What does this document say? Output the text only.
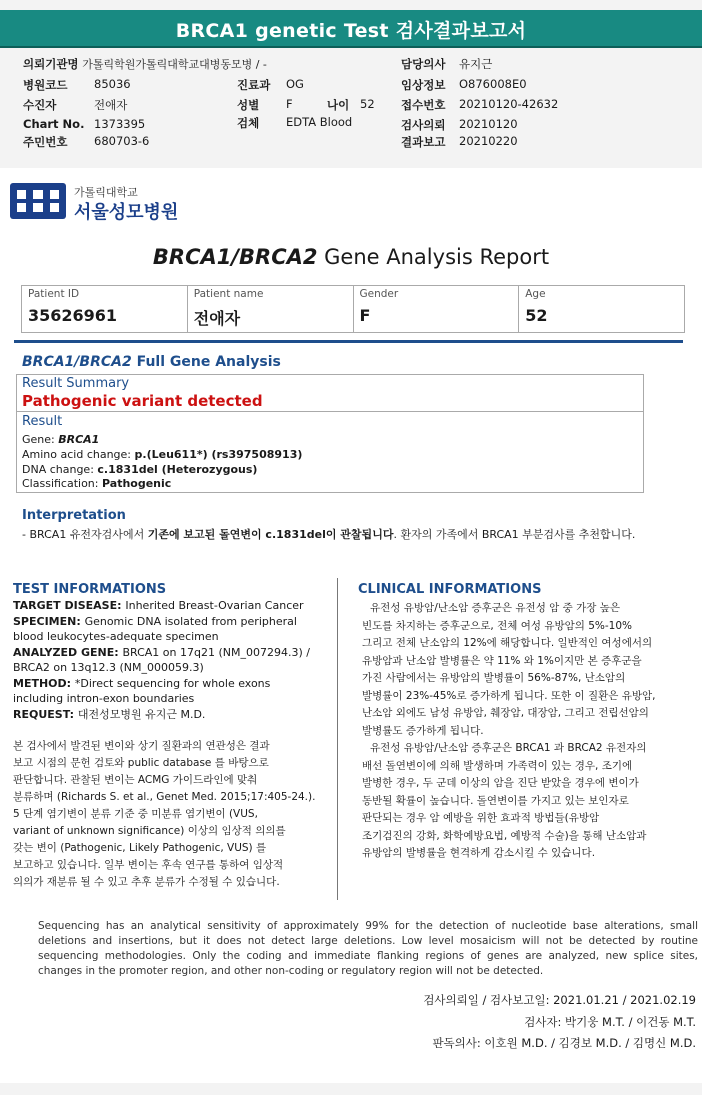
BRCA1 genetic Test 검사결과보고서
의뢰기관명 가톨릭학원가톨릭대학교대병동모병 / -
병원코드 85036
수진자	전애자
Chart No. 1373395
주민번호 680703-6
진료과 OG
성별 F	나이 52
검체 EDTA Blood
담당의사 유지근
임상정보 O876008E0
접수번호 20210120-42632
검사의뢰 20210120
결과보고 20210220
가톨릭대학교
서울성모병원
BRCA1/BRCA2 Gene Analysis Report
Patient ID
35626961
Patient name
전애자
Gender
F
Age
52
BRCA1/BRCA2 Full Gene Analysis
Result Summary
Pathogenic variant detected
Result
Gene: BRCA1
Amino acid change: p.(Leu611*) (rs397508913)
DNA change: c.1831del (Heterozygous)
Classification: Pathogenic
Interpretation
- BRCA1 유전자검사에서 기존에 보고된 돌연변이 c.1831del이 관찰됩니다. 환자의 가족에서 BRCA1 부분검사를 추천합니다.
TEST INFORMATIONS
TARGET DISEASE: Inherited Breast-Ovarian Cancer
SPECIMEN: Genomic DNA isolated from peripheral
blood leukocytes-adequate specimen
ANALYZED GENE: BRCA1 on 17q21 (NM_007294.3) /
BRCA2 on 13q12.3 (NM_000059.3)
METHOD: *Direct sequencing for whole exons
including intron-exon boundaries
REQUEST: 대전성모병원 유지근 M.D.
본 검사에서 발견된 변이와 상기 질환과의 연관성은 결과
보고 시점의 문헌 검토와 public database 를 바탕으로
판단합니다. 관찰된 변이는 ACMG 가이드라인에 맞춰
분류하며 (Richards S. et al., Genet Med. 2015;17:405-24.).
5 단계 염기변이 분류 기준 중 미분류 염기변이 (VUS,
variant of unknown significance) 이상의 임상적 의의를
갖는 변이 (Pathogenic, Likely Pathogenic, VUS) 를
보고하고 있습니다. 일부 변이는 후속 연구를 통하여 임상적
의의가 재분류 될 수 있고 추후 분류가 수정될 수 있습니다.
CLINICAL INFORMATIONS
유전성 유방암/난소암 증후군은 유전성 암 중 가장 높은
빈도를 차지하는 증후군으로, 전체 여성 유방암의 5%-10%
그리고 전체 난소암의 12%에 해당합니다. 일반적인 여성에서의
유방암과 난소암 발병률은 약 11% 와 1%이지만 본 증후군을
가진 사람에서는 유방암의 발병률이 56%-87%, 난소암의
발병률이 23%-45%로 증가하게 됩니다. 또한 이 질환은 유방암,
난소암 외에도 남성 유방암, 췌장암, 대장암, 그리고 전립선암의
발병률도 증가하게 됩니다.
유전성 유방암/난소암 증후군은 BRCA1 과 BRCA2 유전자의
배선 돌연변이에 의해 발생하며 가족력이 있는 경우, 조기에
발병한 경우, 두 군데 이상의 암을 진단 받았을 경우에 변이가
동반될 확률이 높습니다. 돌연변이를 가지고 있는 보인자로
판단되는 경우 암 예방을 위한 효과적 방법들(유방암
조기검진의 강화, 화학예방요법, 예방적 수술)을 통해 난소암과
유방암의 발병률을 현격하게 감소시킬 수 있습니다.
Sequencing has an analytical sensitivity of approximately 99% for the detection of nucleotide base alterations, small deletions and insertions, but it does not detect large deletions. Low level mosaicism will not be detected by routine sequencing methodologies. Only the coding and immediate flanking regions of genes are analyzed, new splice sites, changes in the promoter region, and other non-coding or regulatory region will not be detected.
검사의뢰일 / 검사보고일: 2021.01.21 / 2021.02.19
검사자: 박기웅 M.T. / 이건동 M.T.
판독의사: 이호원 M.D. / 김경보 M.D. / 김명신 M.D.
